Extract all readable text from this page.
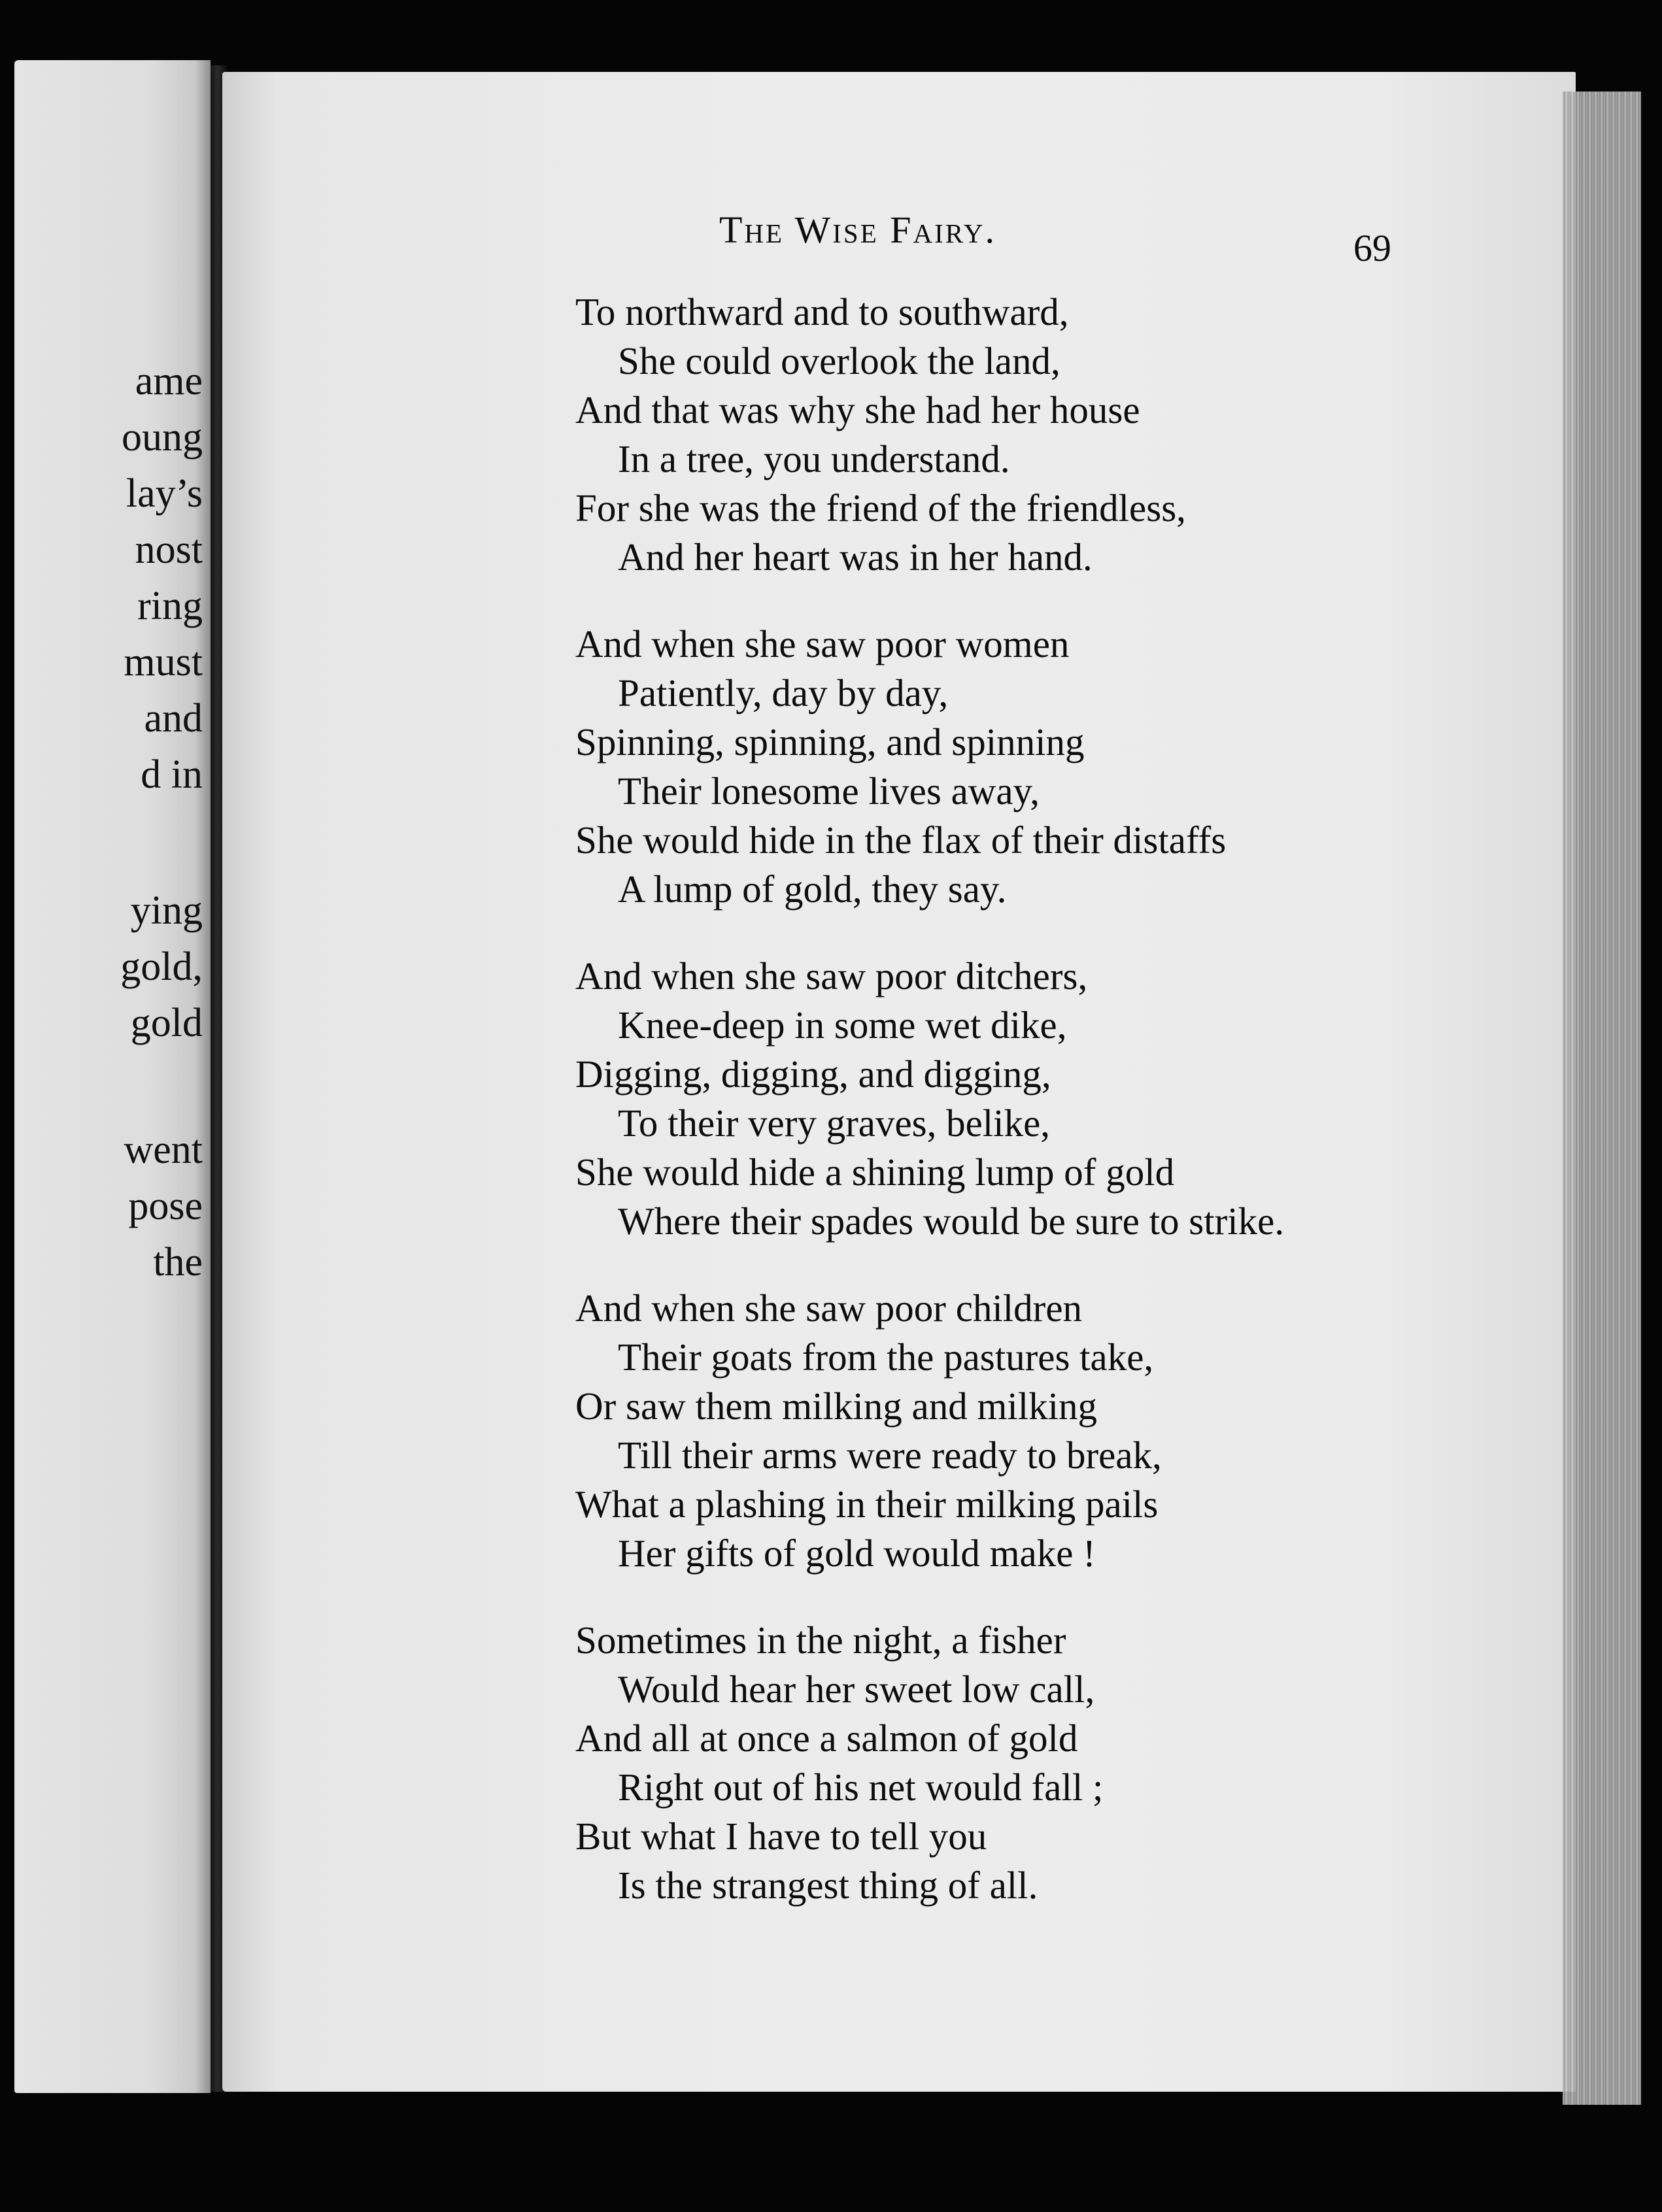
ame
oung
lay’s
nost
ring
must
and
d in
ying
gold,
gold
went
pose
the
The Wise Fairy.	69
To northward and to southward,
She could overlook the land,
And that was why she had her house
In a tree, you understand.
For she was the friend of the friendless,
And her heart was in her hand.
And when she saw poor women
Patiently, day by day,
Spinning, spinning, and spinning
Their lonesome lives away,
She would hide in the flax of their distaffs
A lump of gold, they say.
And when she saw poor ditchers,
Knee-deep in some wet dike,
Digging, digging, and digging,
To their very graves, belike,
She would hide a shining lump of gold
Where their spades would be sure to strike.
And when she saw poor children
Their goats from the pastures take,
Or saw them milking and milking
Till their arms were ready to break,
What a plashing in their milking pails
Her gifts of gold would make !
Sometimes in the night, a fisher
Would hear her sweet low call,
And all at once a salmon of gold
Right out of his net would fall ;
But what I have to tell you
Is the strangest thing of all.
